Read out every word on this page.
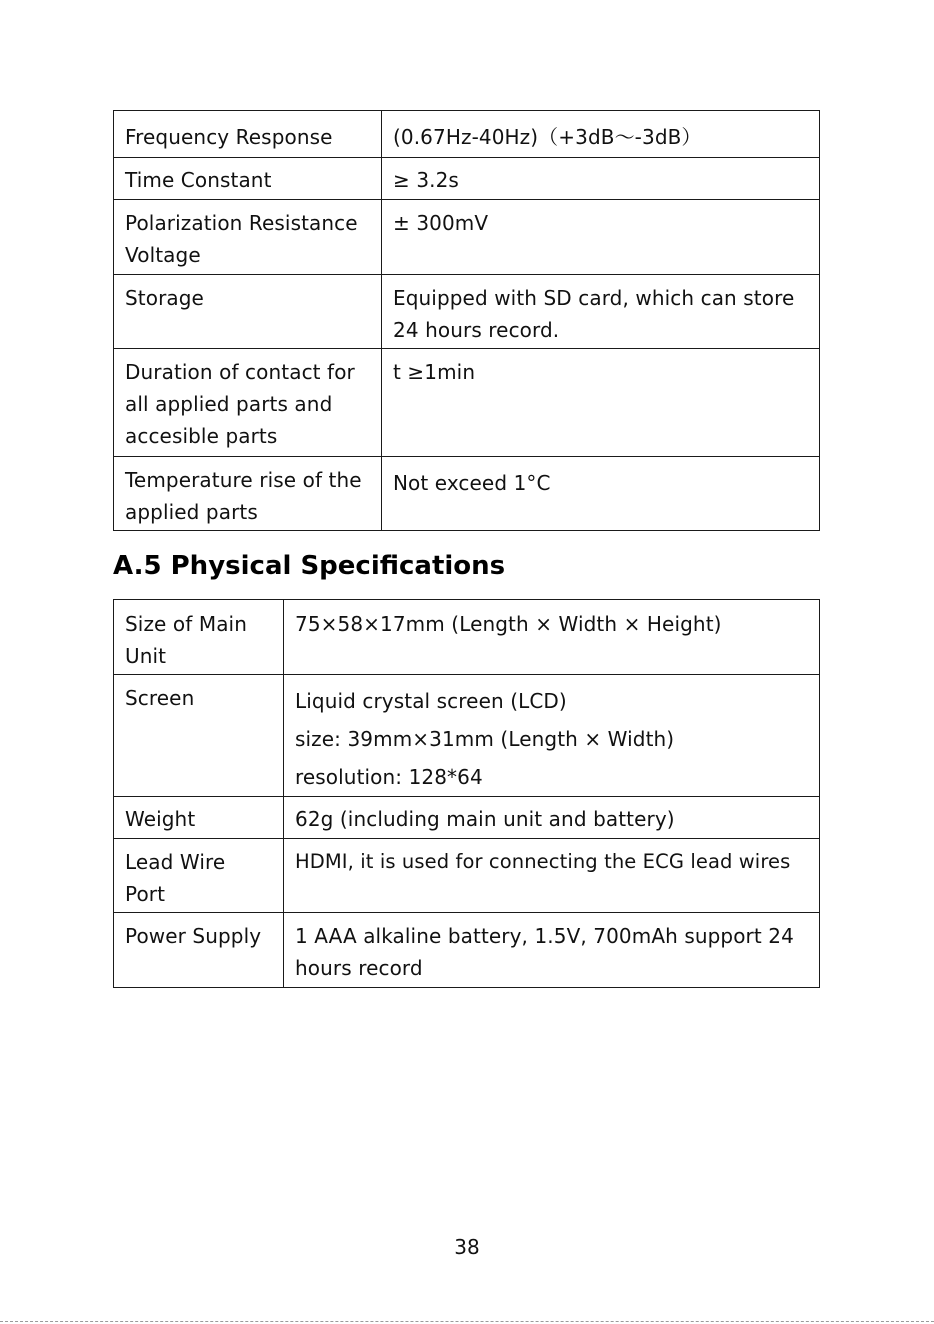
Frequency Response	(0.67Hz-40Hz)（+3dB～-3dB）

Time Constant	≥ 3.2s

Polarization Resistance
Voltage	± 300mV

Storage	Equipped with SD card, which can store
24 hours record.

Duration of contact for
all applied parts and
accesible parts	t ≥1min

Temperature rise of the
applied parts	Not exceed 1°C
A.5 Physical Specifications
Size of Main
Unit	75×58×17mm (Length × Width × Height)

Screen	Liquid crystal screen (LCD)
size: 39mm×31mm (Length × Width)
resolution: 128*64

Weight	62g (including main unit and battery)

Lead Wire
Port	HDMI, it is used for connecting the ECG lead wires

Power Supply	1 AAA alkaline battery, 1.5V, 700mAh support 24
hours record
38
